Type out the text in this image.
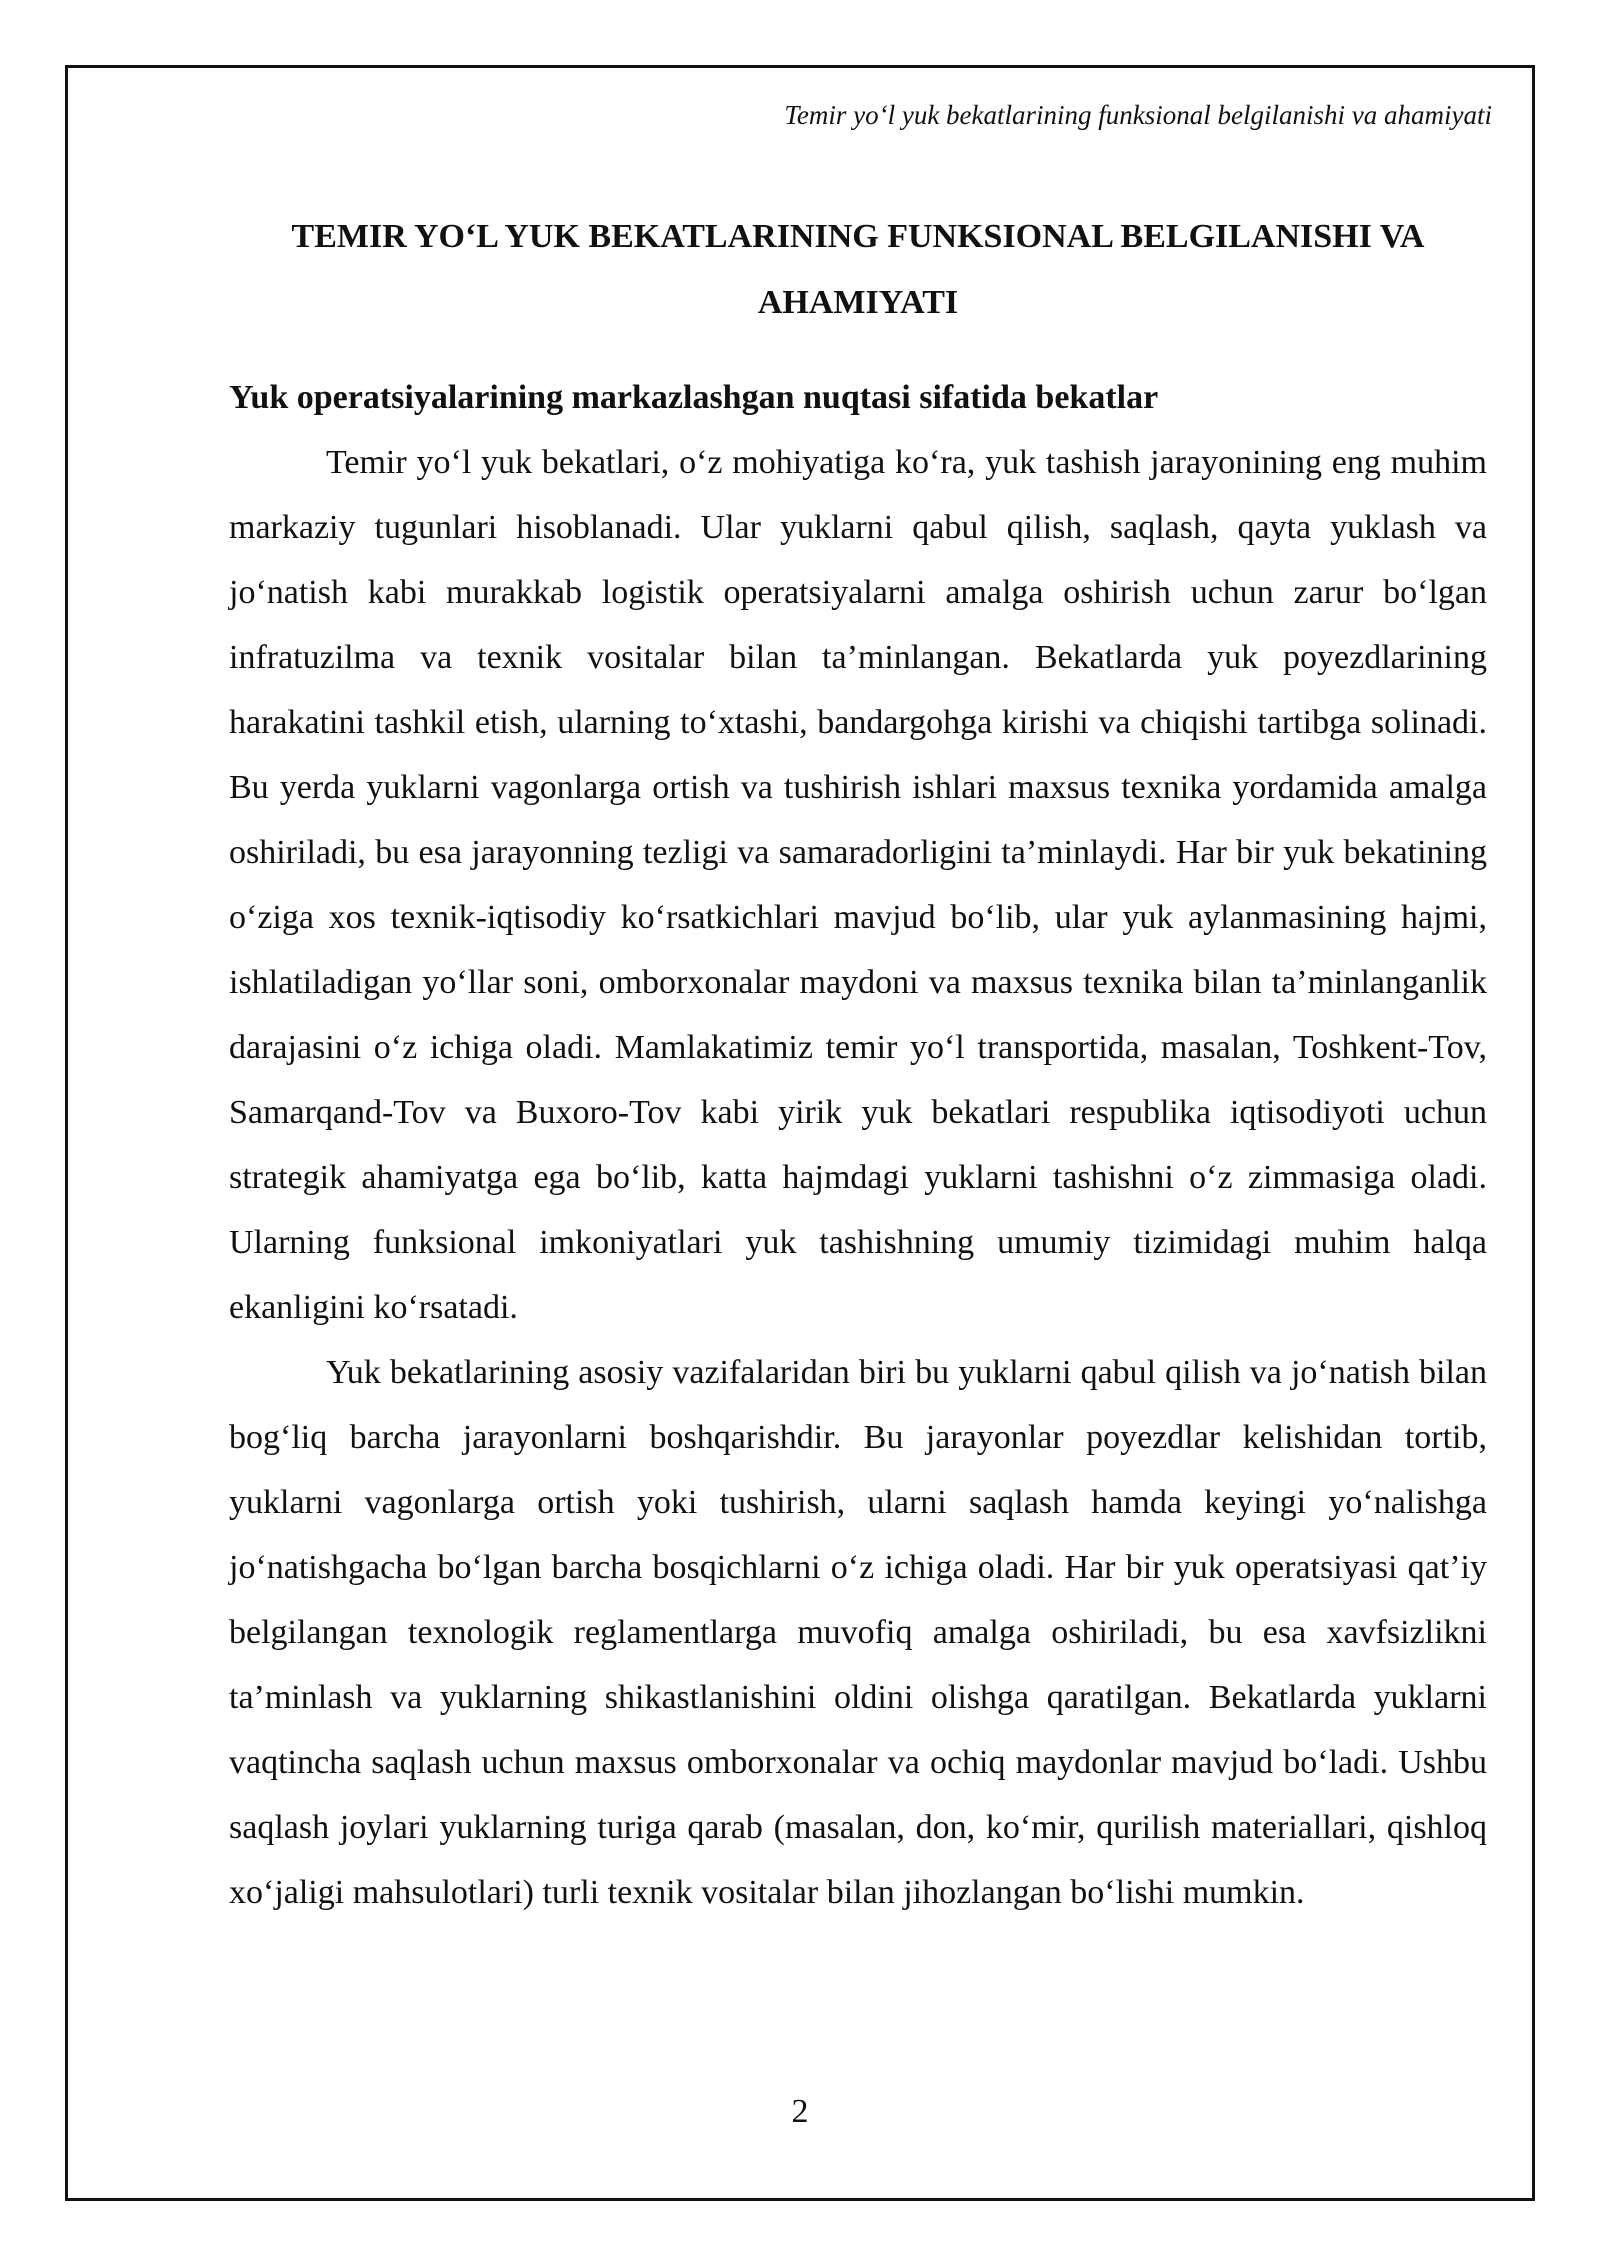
Temir yo‘l yuk bekatlarining funksional belgilanishi va ahamiyati
TEMIR YO‘L YUK BEKATLARINING FUNKSIONAL BELGILANISHI VA AHAMIYATI
Yuk operatsiyalarining markazlashgan nuqtasi sifatida bekatlar

Temir yo‘l yuk bekatlari, o‘z mohiyatiga ko‘ra, yuk tashish jarayonining eng muhim markaziy tugunlari hisoblanadi. Ular yuklarni qabul qilish, saqlash, qayta yuklash va jo‘natish kabi murakkab logistik operatsiyalarni amalga oshirish uchun zarur bo‘lgan infratuzilma va texnik vositalar bilan ta’minlangan. Bekatlarda yuk poyezdlarining harakatini tashkil etish, ularning to‘xtashi, bandargohga kirishi va chiqishi tartibga solinadi. Bu yerda yuklarni vagonlarga ortish va tushirish ishlari maxsus texnika yordamida amalga oshiriladi, bu esa jarayonning tezligi va samaradorligini ta’minlaydi. Har bir yuk bekatining o‘ziga xos texnik-iqtisodiy ko‘rsatkichlari mavjud bo‘lib, ular yuk aylanmasining hajmi, ishlatiladigan yo‘llar soni, omborxonalar maydoni va maxsus texnika bilan ta’minlanganlik darajasini o‘z ichiga oladi. Mamlakatimiz temir yo‘l transportida, masalan, Toshkent-Tov, Samarqand-Tov va Buxoro-Tov kabi yirik yuk bekatlari respublika iqtisodiyoti uchun strategik ahamiyatga ega bo‘lib, katta hajmdagi yuklarni tashishni o‘z zimmasiga oladi. Ularning funksional imkoniyatlari yuk tashishning umumiy tizimidagi muhim halqa ekanligini ko‘rsatadi.

Yuk bekatlarining asosiy vazifalaridan biri bu yuklarni qabul qilish va jo‘natish bilan bog‘liq barcha jarayonlarni boshqarishdir. Bu jarayonlar poyezdlar kelishidan tortib, yuklarni vagonlarga ortish yoki tushirish, ularni saqlash hamda keyingi yo‘nalishga jo‘natishgacha bo‘lgan barcha bosqichlarni o‘z ichiga oladi. Har bir yuk operatsiyasi qat’iy belgilangan texnologik reglamentlarga muvofiq amalga oshiriladi, bu esa xavfsizlikni ta’minlash va yuklarning shikastlanishini oldini olishga qaratilgan. Bekatlarda yuklarni vaqtincha saqlash uchun maxsus omborxonalar va ochiq maydonlar mavjud bo‘ladi. Ushbu saqlash joylari yuklarning turiga qarab (masalan, don, ko‘mir, qurilish materiallari, qishloq xo‘jaligi mahsulotlari) turli texnik vositalar bilan jihozlangan bo‘lishi mumkin.

2
